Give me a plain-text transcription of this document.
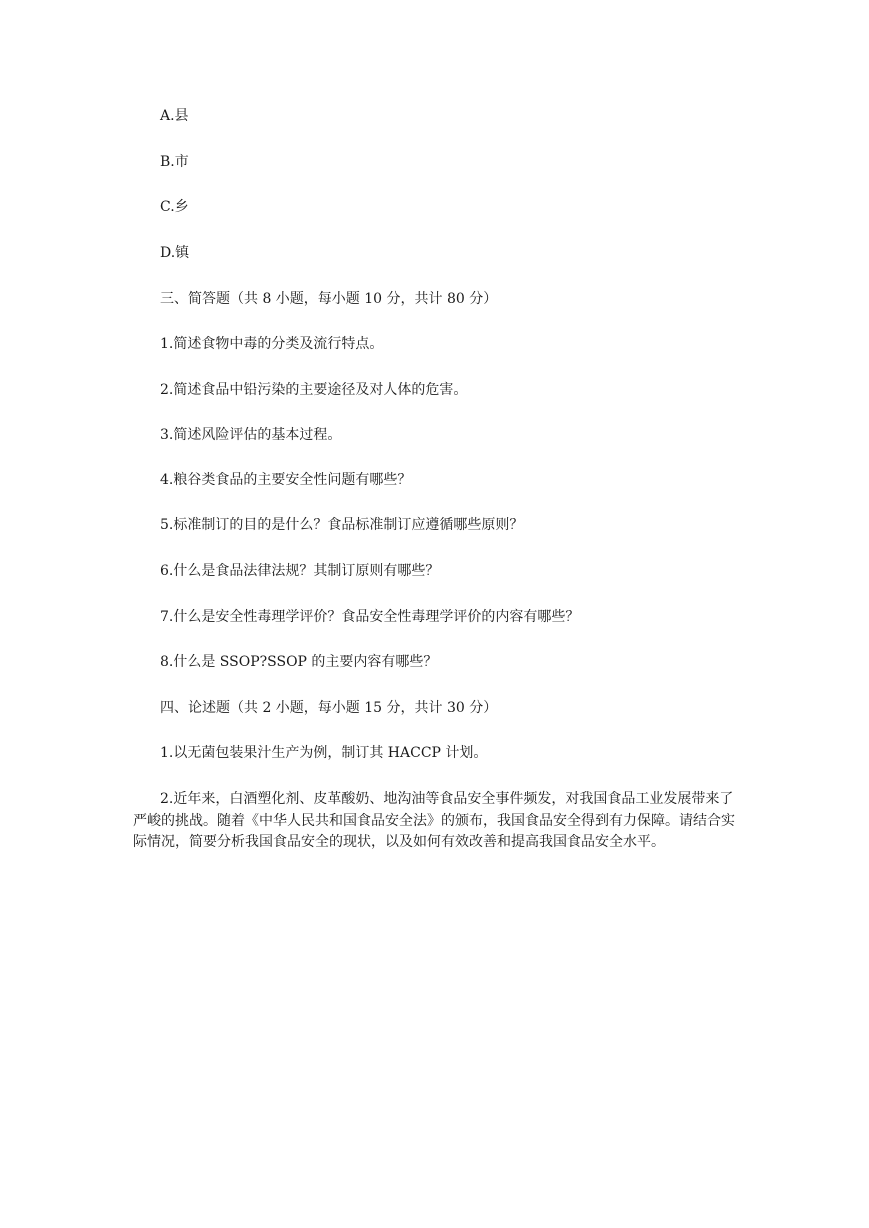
A.县
B.市
C.乡
D.镇
三、简答题（共 8 小题，每小题 10 分，共计 80 分）
1.简述食物中毒的分类及流行特点。
2.简述食品中铅污染的主要途径及对人体的危害。
3.简述风险评估的基本过程。
4.粮谷类食品的主要安全性问题有哪些？
5.标准制订的目的是什么？食品标准制订应遵循哪些原则？
6.什么是食品法律法规？其制订原则有哪些？
7.什么是安全性毒理学评价？食品安全性毒理学评价的内容有哪些？
8.什么是 SSOP?SSOP 的主要内容有哪些？
四、论述题（共 2 小题，每小题 15 分，共计 30 分）
1.以无菌包装果汁生产为例，制订其 HACCP 计划。
2.近年来，白酒塑化剂、皮革酸奶、地沟油等食品安全事件频发，对我国食品工业发展带来了严峻的挑战。随着《中华人民共和国食品安全法》的颁布，我国食品安全得到有力保障。请结合实际情况，简要分析我国食品安全的现状，以及如何有效改善和提高我国食品安全水平。
